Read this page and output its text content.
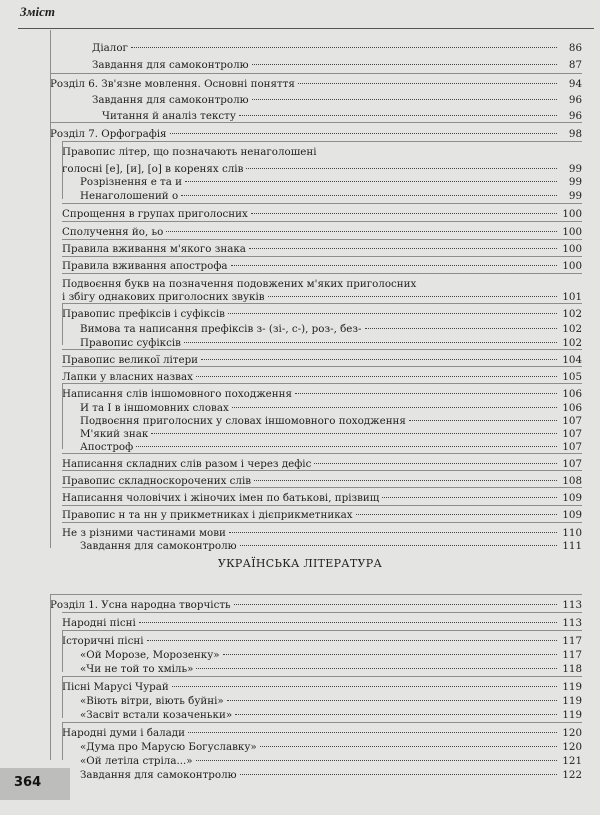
Зміст
Діалог	86
Завдання для самоконтролю	87
Розділ 6. Зв'язне мовлення. Основні поняття	94
Завдання для самоконтролю	96
Читання й аналіз тексту	96
Розділ 7. Орфографія	98
Правопис літер, що позначають ненаголошені
голосні [е], [и], [о] в коренях слів	99
Розрізнення е та и	99
Ненаголошений о	99
Спрощення в групах приголосних	100
Сполучення йо, ьо	100
Правила вживання м'якого знака	100
Правила вживання апострофа	100
Подвоєння букв на позначення подовжених м'яких приголосних
і збігу однакових приголосних звуків	101
Правопис префіксів і суфіксів	102
Вимова та написання префіксів з- (зі-, с-), роз-, без-	102
Правопис суфіксів	102
Правопис великої літери	104
Лапки у власних назвах	105
Написання слів іншомовного походження	106
И та І в іншомовних словах	106
Подвоєння приголосних у словах іншомовного походження	107
М'який знак	107
Апостроф	107
Написання складних слів разом і через дефіс	107
Правопис складноскорочених слів	108
Написання чоловічих і жіночих імен по батькові, прізвищ	109
Правопис н та нн у прикметниках і дієприкметниках	109
Не з різними частинами мови	110
Завдання для самоконтролю	111
Розділ 1. Усна народна творчість	113
Народні пісні	113
Історичні пісні	117
«Ой Морозе, Морозенку»	117
«Чи не той то хміль»	118
Пісні Марусі Чурай	119
«Віють вітри, віють буйні»	119
«Засвіт встали козаченьки»	119
Народні думи і балади	120
«Дума про Марусю Богуславку»	120
«Ой летіла стріла...»	121
Завдання для самоконтролю	122
УКРАЇНСЬКА ЛІТЕРАТУРА
364
